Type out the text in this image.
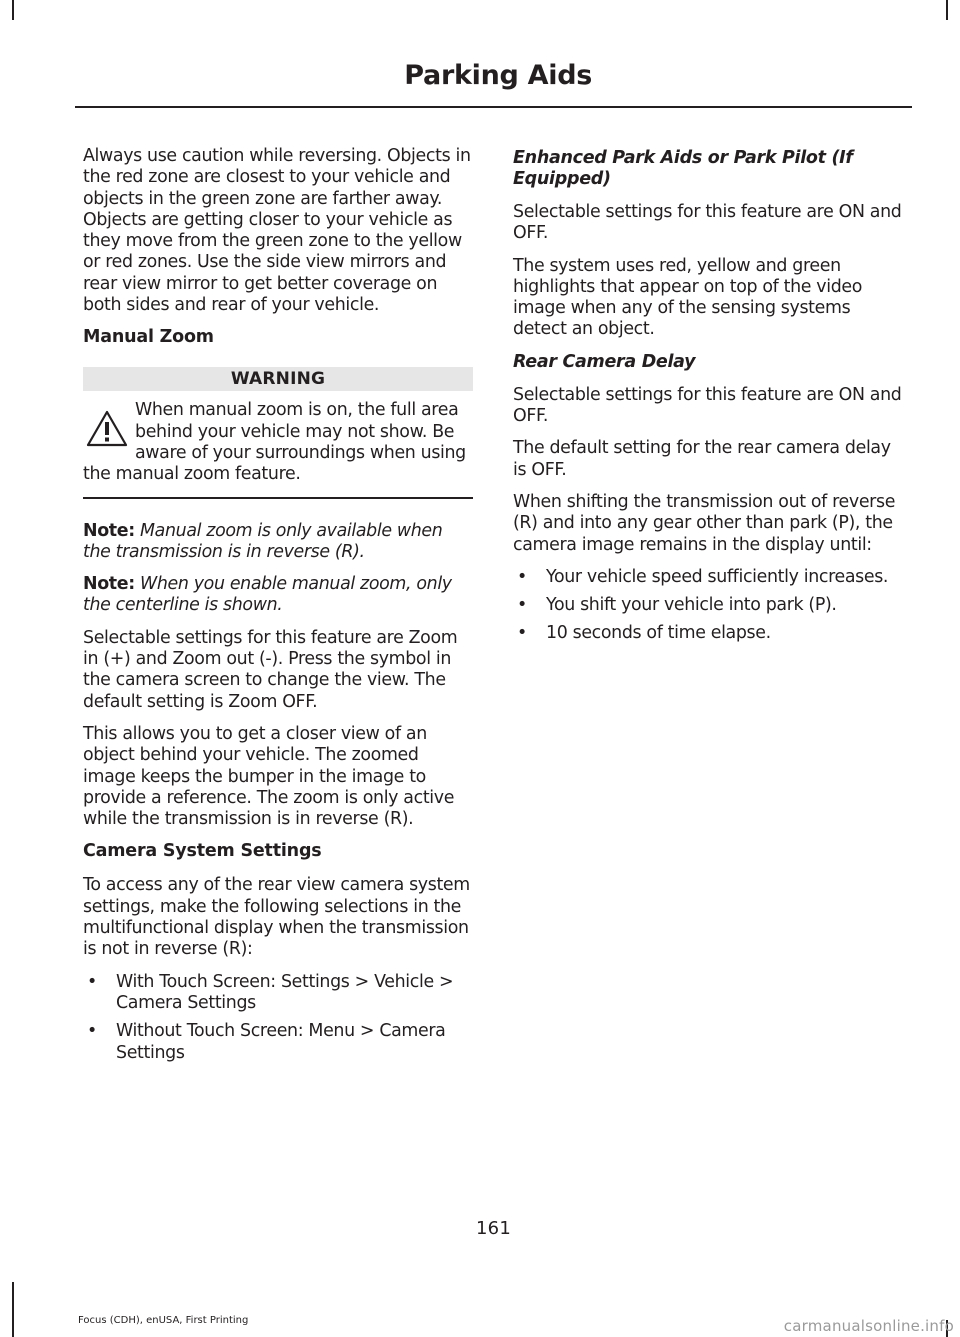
Parking Aids

Always use caution while reversing. Objects in the red zone are closest to your vehicle and objects in the green zone are farther away. Objects are getting closer to your vehicle as they move from the green zone to the yellow or red zones. Use the side view mirrors and rear view mirror to get better coverage on both sides and rear of your vehicle.

Manual Zoom
WARNING
When manual zoom is on, the full area behind your vehicle may not show. Be aware of your surroundings when using the manual zoom feature.

Note: Manual zoom is only available when the transmission is in reverse (R).

Note: When you enable manual zoom, only the centerline is shown.

Selectable settings for this feature are Zoom in (+) and Zoom out (-). Press the symbol in the camera screen to change the view. The default setting is Zoom OFF.

This allows you to get a closer view of an object behind your vehicle. The zoomed image keeps the bumper in the image to provide a reference. The zoom is only active while the transmission is in reverse (R).

Camera System Settings

To access any of the rear view camera system settings, make the following selections in the multifunctional display when the transmission is not in reverse (R):

• With Touch Screen: Settings > Vehicle > Camera Settings
• Without Touch Screen: Menu > Camera Settings
Enhanced Park Aids or Park Pilot (If Equipped)

Selectable settings for this feature are ON and OFF.

The system uses red, yellow and green highlights that appear on top of the video image when any of the sensing systems detect an object.

Rear Camera Delay

Selectable settings for this feature are ON and OFF.

The default setting for the rear camera delay is OFF.

When shifting the transmission out of reverse (R) and into any gear other than park (P), the camera image remains in the display until:

• Your vehicle speed sufficiently increases.
• You shift your vehicle into park (P).
• 10 seconds of time elapse.
161
Focus (CDH), enUSA, First Printing	carmanualsonline.info
